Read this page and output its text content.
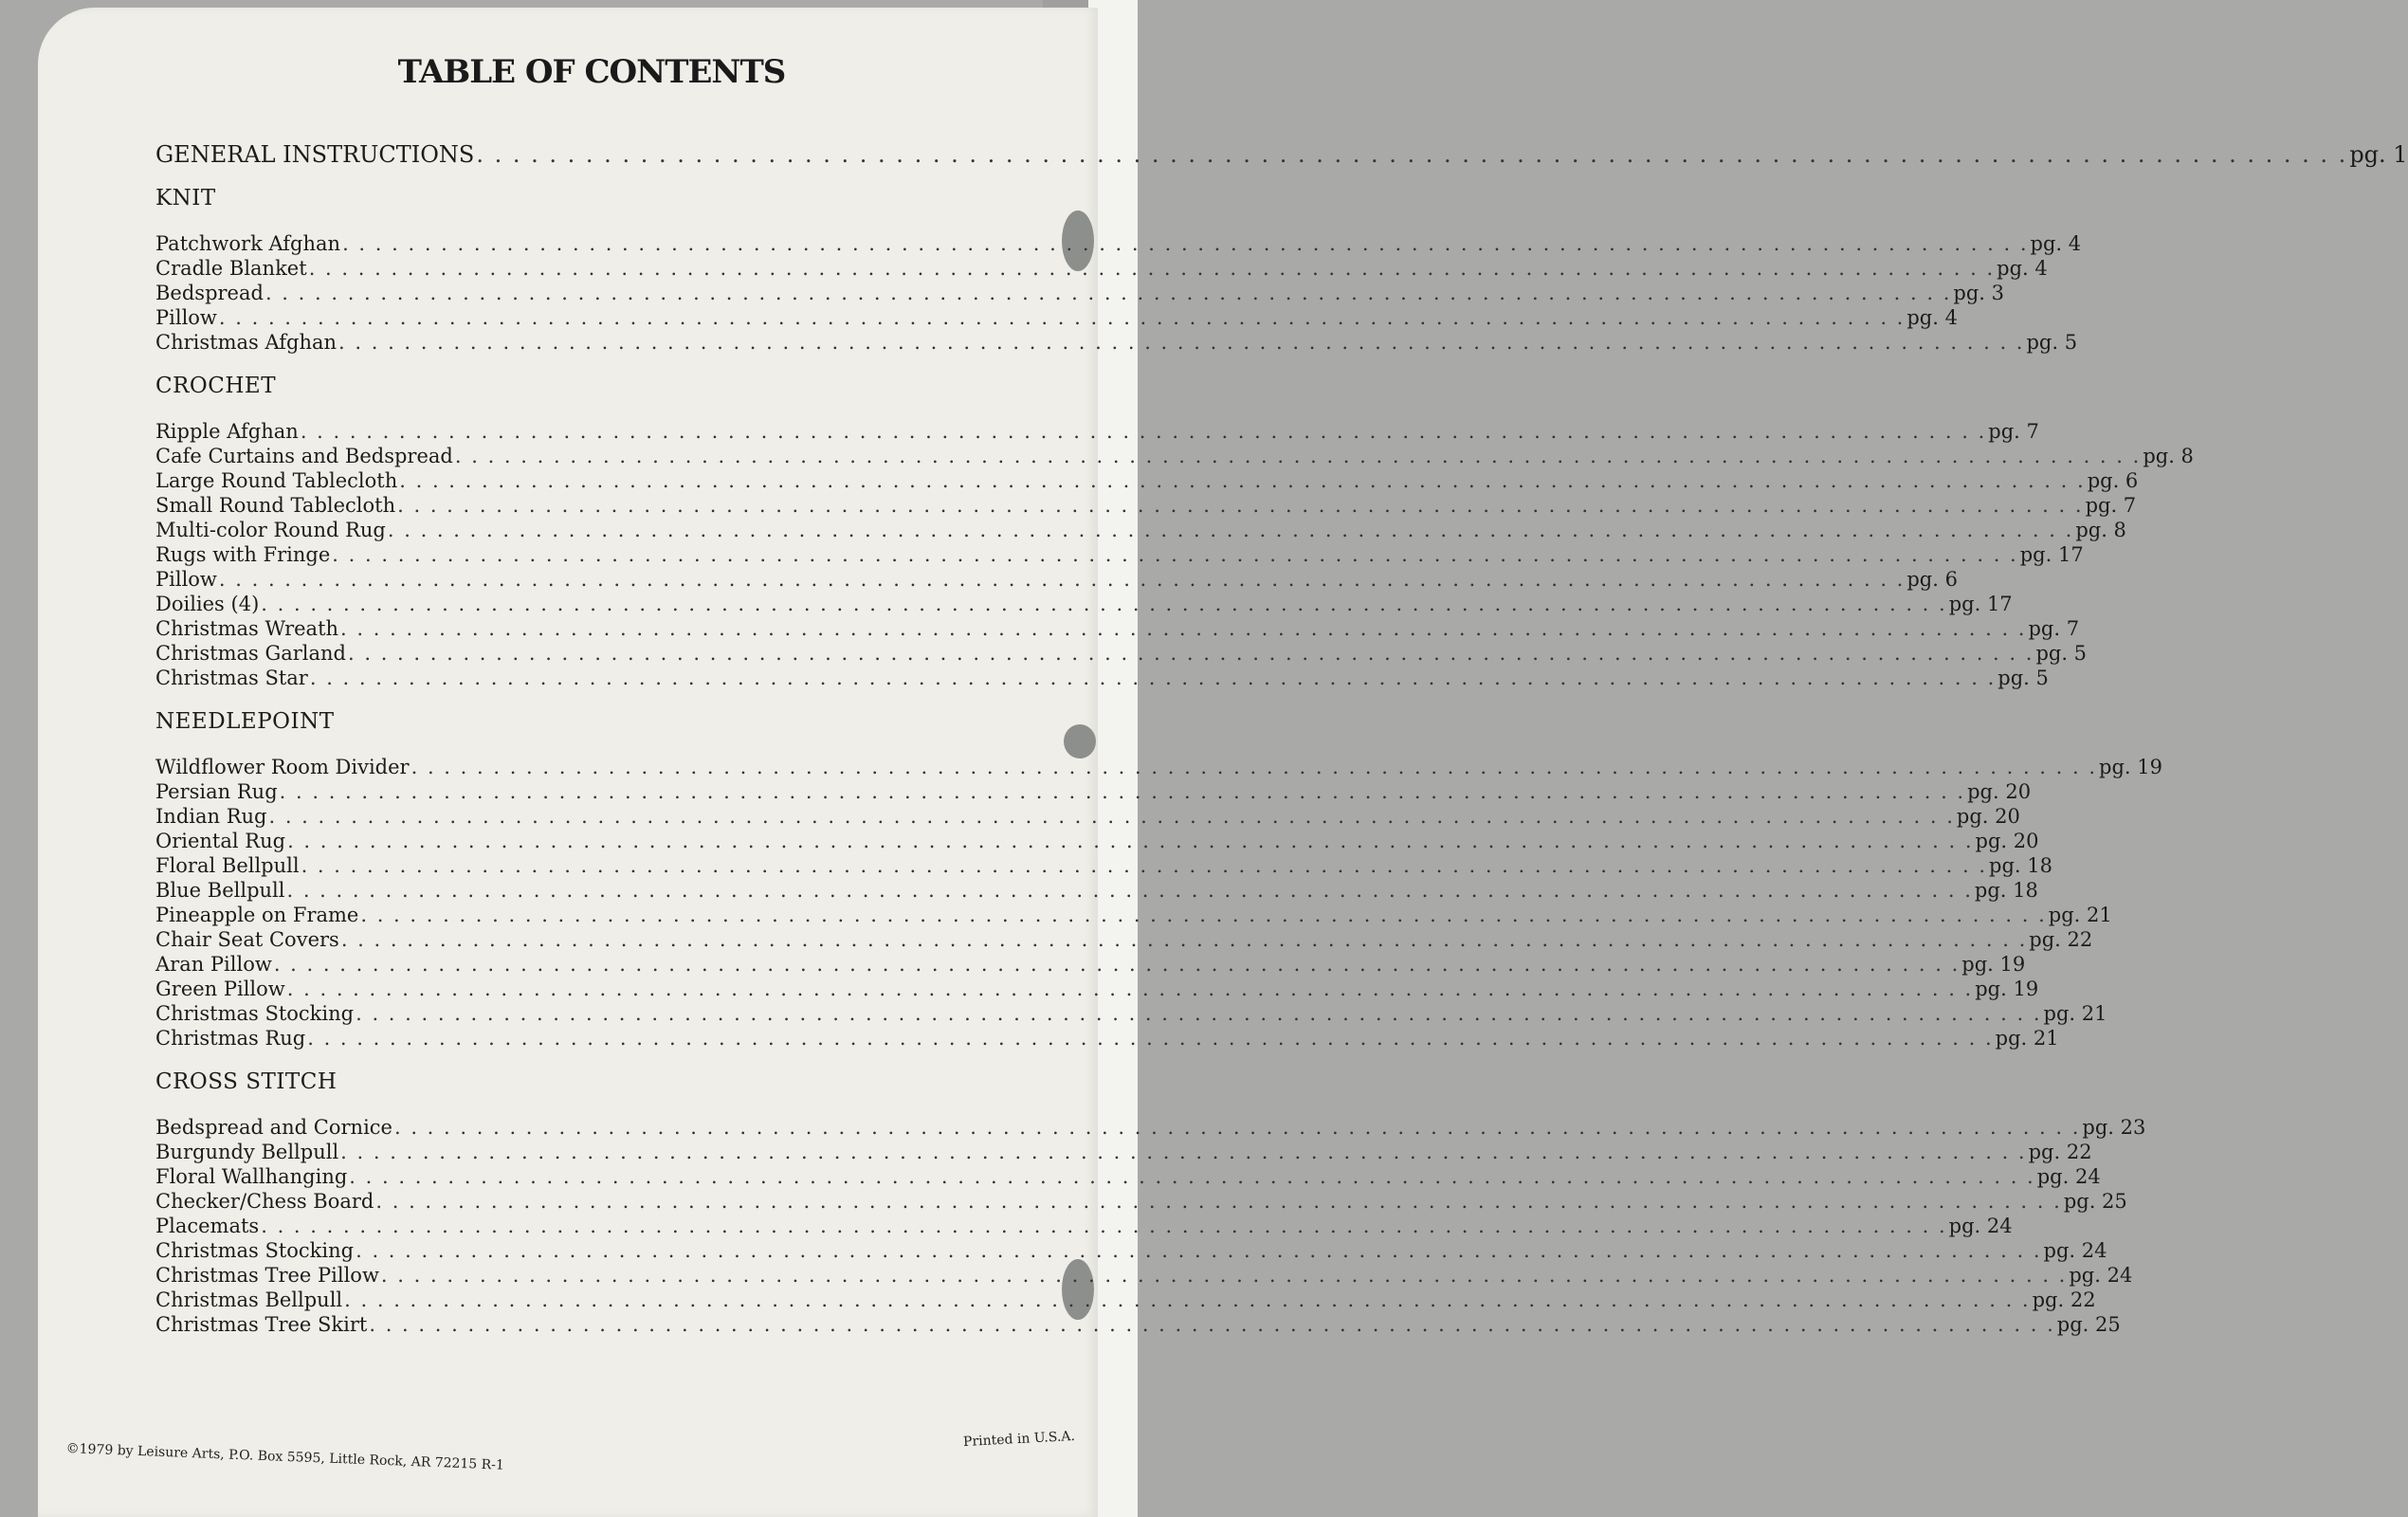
TABLE OF CONTENTS
GENERAL INSTRUCTIONS . . .	pg. 1
KNIT
Patchwork Afghan . . .	pg. 4
Cradle Blanket . . .	pg. 4
Bedspread . . .	pg. 3
Pillow . . .	pg. 4
Christmas Afghan . . .	pg. 5
CROCHET
Ripple Afghan . . .	pg. 7
Cafe Curtains and Bedspread . . .	pg. 8
Large Round Tablecloth . . .	pg. 6
Small Round Tablecloth . . .	pg. 7
Multi-color Round Rug . . .	pg. 8
Rugs with Fringe . . .	pg. 17
Pillow . . .	pg. 6
Doilies (4) . . .	pg. 17
Christmas Wreath . . .	pg. 7
Christmas Garland . . .	pg. 5
Christmas Star . . .	pg. 5
NEEDLEPOINT
Wildflower Room Divider . . .	pg. 19
Persian Rug . . .	pg. 20
Indian Rug . . .	pg. 20
Oriental Rug . . .	pg. 20
Floral Bellpull . . .	pg. 18
Blue Bellpull . . .	pg. 18
Pineapple on Frame . . .	pg. 21
Chair Seat Covers . . .	pg. 22
Aran Pillow . . .	pg. 19
Green Pillow . . .	pg. 19
Christmas Stocking . . .	pg. 21
Christmas Rug . . .	pg. 21
CROSS STITCH
Bedspread and Cornice . . .	pg. 23
Burgundy Bellpull . . .	pg. 22
Floral Wallhanging . . .	pg. 24
Checker/Chess Board . . .	pg. 25
Placemats . . .	pg. 24
Christmas Stocking . . .	pg. 24
Christmas Tree Pillow . . .	pg. 24
Christmas Bellpull . . .	pg. 22
Christmas Tree Skirt . . .	pg. 25
©1979 by Leisure Arts, P.O. Box 5595, Little Rock, AR 72215 R-1
Printed in U.S.A.
